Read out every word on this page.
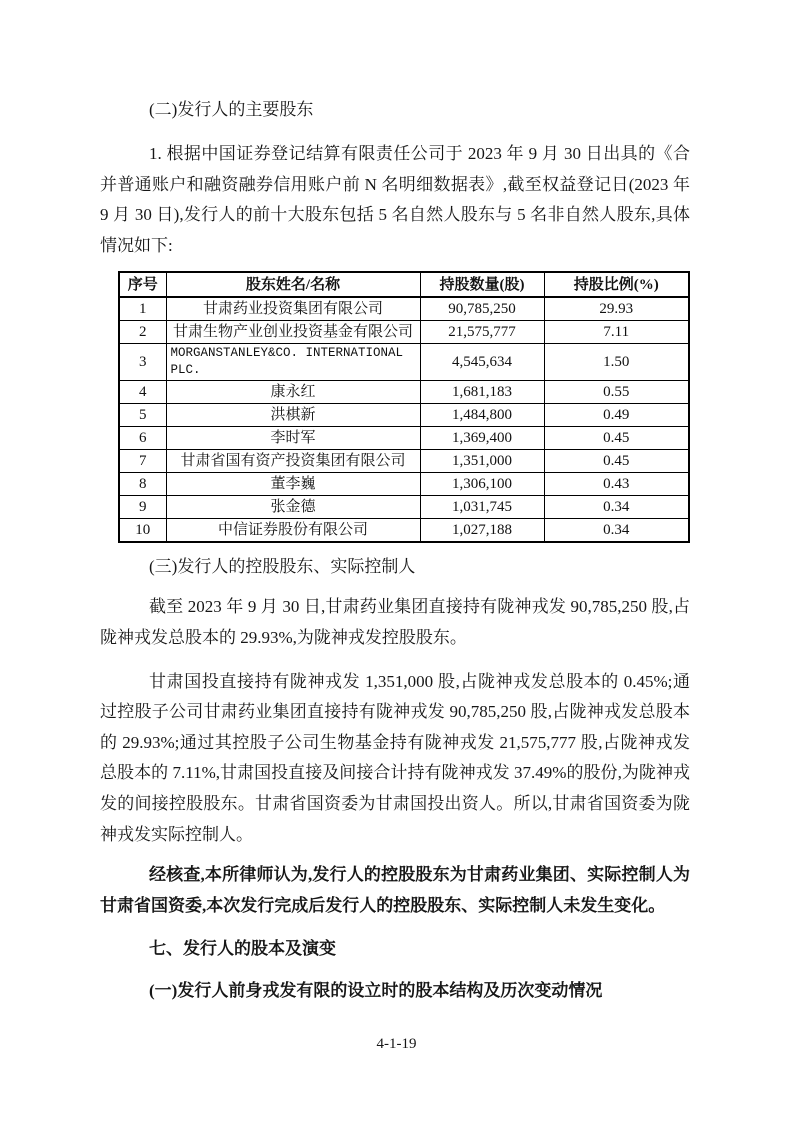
(二)发行人的主要股东

1. 根据中国证券登记结算有限责任公司于 2023 年 9 月 30 日出具的《合并普通账户和融资融券信用账户前 N 名明细数据表》,截至权益登记日(2023 年 9 月 30 日),发行人的前十大股东包括 5 名自然人股东与 5 名非自然人股东,具体情况如下:

序号	股东姓名/名称	持股数量(股)	持股比例(%)
1	甘肃药业投资集团有限公司	90,785,250	29.93
2	甘肃生物产业创业投资基金有限公司	21,575,777	7.11
3	MORGANSTANLEY&CO. INTERNATIONAL PLC.	4,545,634	1.50
4	康永红	1,681,183	0.55
5	洪棋新	1,484,800	0.49
6	李时军	1,369,400	0.45
7	甘肃省国有资产投资集团有限公司	1,351,000	0.45
8	董李巍	1,306,100	0.43
9	张金德	1,031,745	0.34
10	中信证券股份有限公司	1,027,188	0.34
(三)发行人的控股股东、实际控制人

截至 2023 年 9 月 30 日,甘肃药业集团直接持有陇神戎发 90,785,250 股,占陇神戎发总股本的 29.93%,为陇神戎发控股股东。

甘肃国投直接持有陇神戎发 1,351,000 股,占陇神戎发总股本的 0.45%;通过控股子公司甘肃药业集团直接持有陇神戎发 90,785,250 股,占陇神戎发总股本的 29.93%;通过其控股子公司生物基金持有陇神戎发 21,575,777 股,占陇神戎发总股本的 7.11%,甘肃国投直接及间接合计持有陇神戎发 37.49%的股份,为陇神戎发的间接控股股东。甘肃省国资委为甘肃国投出资人。所以,甘肃省国资委为陇神戎发实际控制人。

经核查,本所律师认为,发行人的控股股东为甘肃药业集团、实际控制人为甘肃省国资委,本次发行完成后发行人的控股股东、实际控制人未发生变化。

七、发行人的股本及演变
(一)发行人前身戎发有限的设立时的股本结构及历次变动情况
4-1-19
